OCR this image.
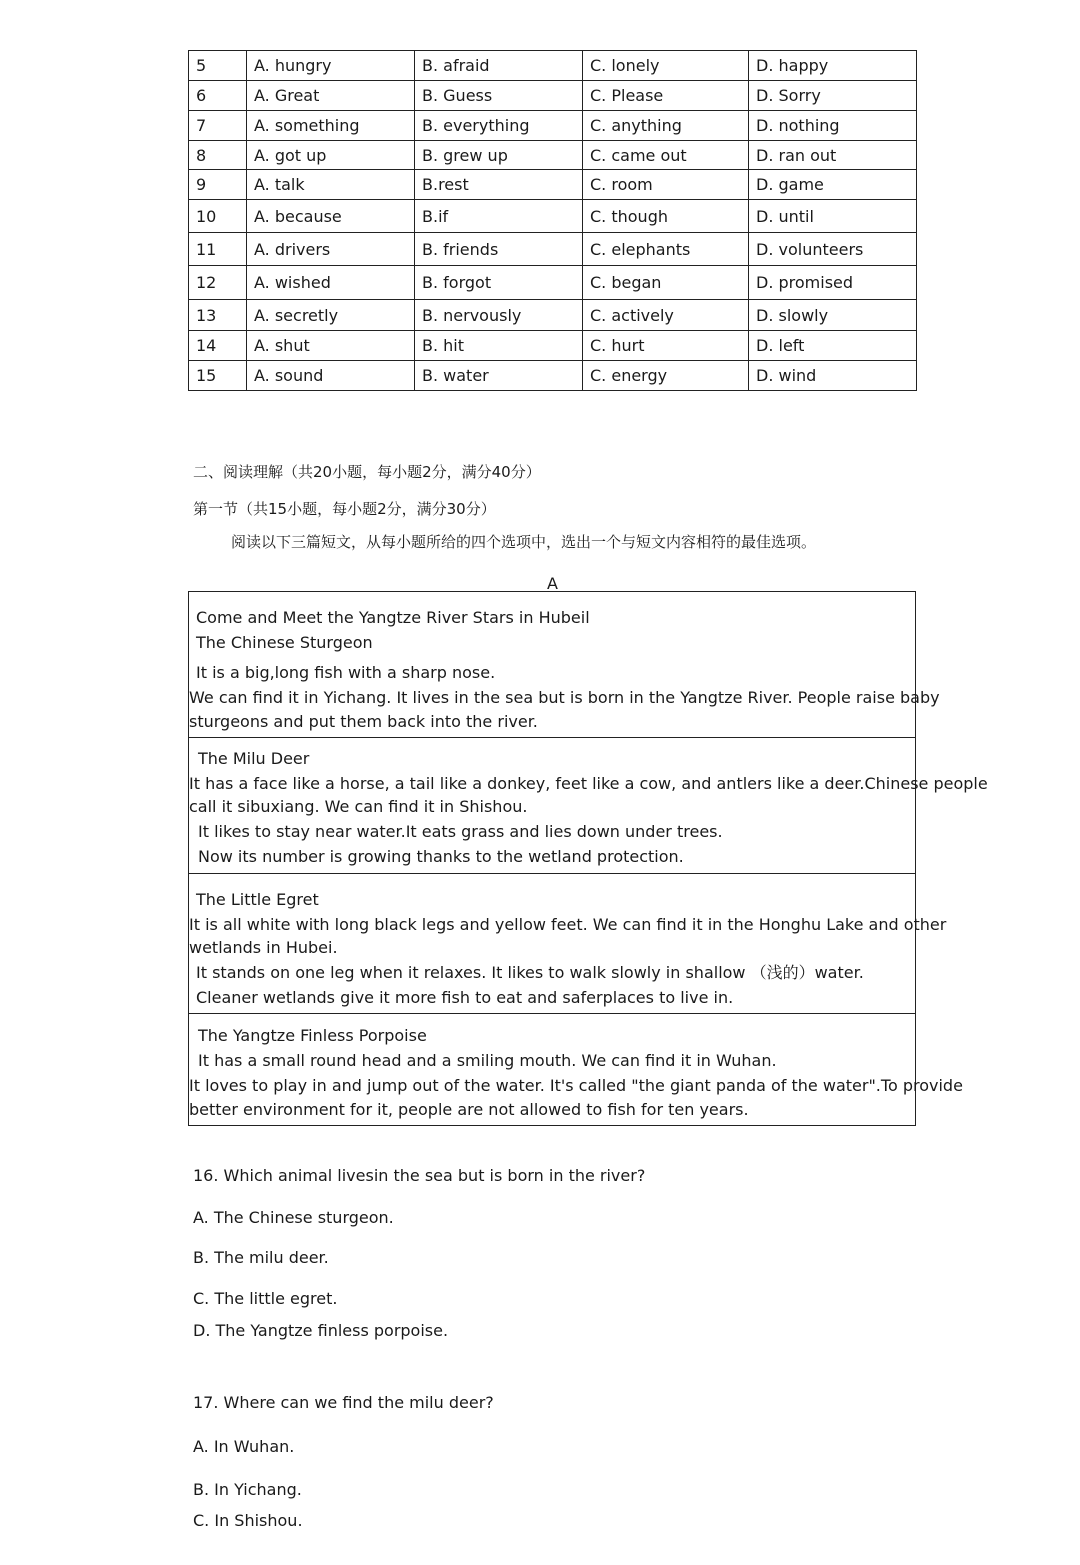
5	A. hungry	B. afraid	C. lonely	D. happy
6	A. Great	B. Guess	C. Please	D. Sorry
7	A. something	B. everything	C. anything	D. nothing
8	A. got up	B. grew up	C. came out	D. ran out
9	A. talk	B.rest	C. room	D. game
10	A. because	B.if	C. though	D. until
11	A. drivers	B. friends	C. elephants	D. volunteers
12	A. wished	B. forgot	C. began	D. promised
13	A. secretly	B. nervously	C. actively	D. slowly
14	A. shut	B. hit	C. hurt	D. left
15	A. sound	B. water	C. energy	D. wind
二、阅读理解（共20小题，每小题2分，满分40分）
第一节（共15小题，每小题2分，满分30分）
阅读以下三篇短文，从每小题所给的四个选项中，选出一个与短文内容相符的最佳选项。
A
Come and Meet the Yangtze River Stars in Hubeil
The Chinese Sturgeon
It is a big,long fish with a sharp nose.
We can find it in Yichang. It lives in the sea but is born in the Yangtze River. People raise baby
sturgeons and put them back into the river.
The Milu Deer
It has a face like a horse, a tail like a donkey, feet like a cow, and antlers like a deer.Chinese people
call it sibuxiang. We can find it in Shishou.
It likes to stay near water.It eats grass and lies down under trees.
Now its number is growing thanks to the wetland protection.
The Little Egret
It is all white with long black legs and yellow feet. We can find it in the Honghu Lake and other
wetlands in Hubei.
It stands on one leg when it relaxes. It likes to walk slowly in shallow （浅的）water.
Cleaner wetlands give it more fish to eat and saferplaces to live in.
The Yangtze Finless Porpoise
It has a small round head and a smiling mouth. We can find it in Wuhan.
It loves to play in and jump out of the water. It's called "the giant panda of the water".To provide
better environment for it, people are not allowed to fish for ten years.
16. Which animal livesin the sea but is born in the river?
A. The Chinese sturgeon.
B. The milu deer.
C. The little egret.
D. The Yangtze finless porpoise.
17. Where can we find the milu deer?
A. In Wuhan.
B. In Yichang.
C. In Shishou.
